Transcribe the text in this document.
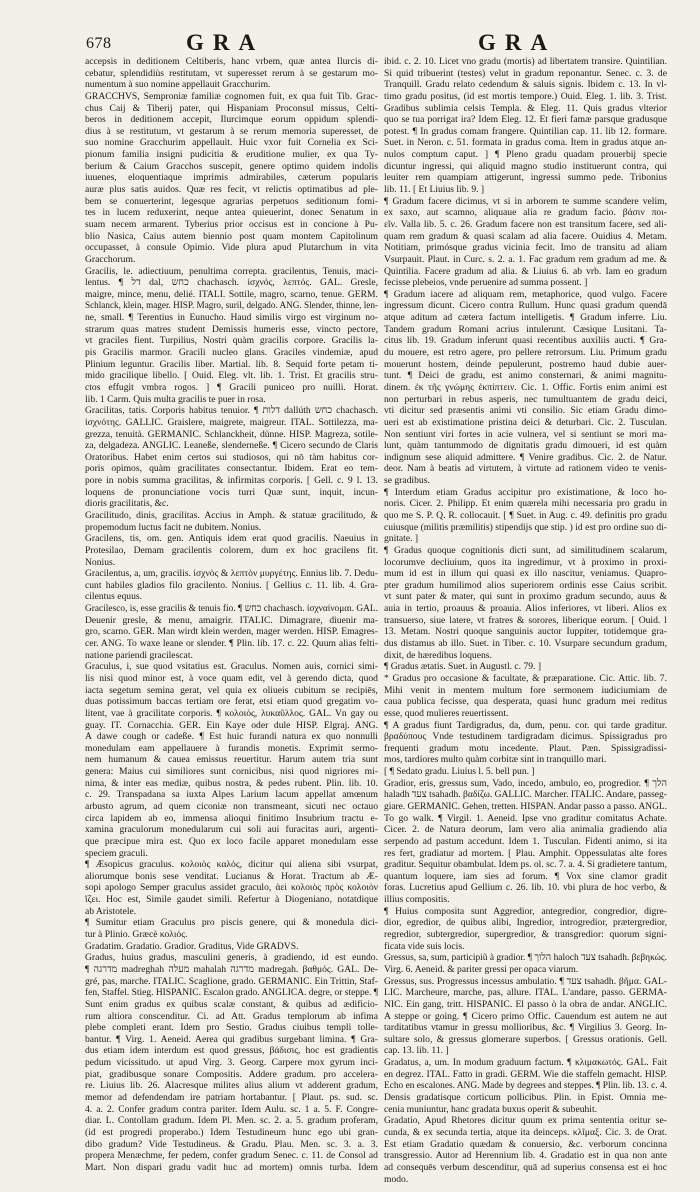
678	GRA	GRA
accepsis in deditionem Celtiberis, hanc vrbem, quæ antea Ilurcis di-
cebatur, splendidiùs restitutam, vt superesset rerum à se gestarum mo-
numentum à suo nomine appellauit Gracchurim.
GRACCHVS, Semproniæ familiæ cognomen fuit, ex qua fuit Tib. Grac-
chus Caij & Tiberij pater, qui Hispaniam Proconsul missus, Celti-
beros in deditionem accepit, Ilurcimque eorum oppidum splendi-
dius à se restitutum, vt gestarum à se rerum memoria superesset, de
suo nomine Gracchurim appellauit. Huic vxor fuit Cornelia ex Sci-
pionum familia insigni pudicitia & eruditione mulier, ex qua Ty-
berium & Caium Gracchos suscepit, genere optimo quidem indolis
iuuenes, eloquentiaque imprimis admirabiles, cæterum popularis
auræ plus satis auidos. Quæ res fecit, vt relictis optimatibus ad ple-
bem se conuerterint, legesque agrarias perpetuos seditionum fomi-
tes in lucem reduxerint, neque antea quieuerint, donec Senatum in
suam necem armarent. Tyberius prior occisus est in concione à Pu-
blio Nasica, Caius autem biennio post quam montem Capitolinum
occupasset, à consule Opimio. Vide plura apud Plutarchum in vita
Gracchorum.
Gracilis, le. adiectiuum, penultima correpta. gracilentus, Tenuis, maci-
lentus. ¶ דל dal, כחש chachasch. ἰσχνός, λεπτός. GAL. Gresle,
maigre, mince, menu, delié. ITALI. Sottile, magro, scarno, tenue. GERM.
Schlanck, klein, mager. HISP. Magro, suril, delgado. ANG. Slender, thinne, len-
ne, small. ¶ Terentius in Eunucho. Haud similis virgo est virginum no-
strarum quas matres student Demissis humeris esse, vincto pectore,
vt graciles fient. Turpilius, Nostri quàm gracilis corpore. Gracilis la-
pis Gracilis marmor. Gracili nucleo glans. Graciles vindemiæ, apud
Plinium leguntur. Gracilis liber. Martial. lib. 8. Sequid forte petam ti-
mido gracilique libello. [ Ouid. Eleg. vlt. lib. 1. Trist. Et gracilis stru-
ctos effugit vmbra rogos. ] ¶ Gracili puniceo pro nuilli. Horat.
lib. 1 Carm. Quis multa gracilis te puer in rosa.
Gracilitas, tatis. Corporis habitus tenuior. ¶ דלות dallúth כחש chachasch.
ἰσχνότης. GALLIC. Graislere, maigrete, maigreur. ITAL. Sottilezza, ma-
grezza, tenuità. GERMANIC. Schlanckheit, dünne. HISP. Magreza, sotile-
za, delgadeza. ANGLIC. Leaneße, slenderneße. ¶ Cicero secundo de Claris
Oratoribus. Habet enim certos sui studiosos, qui nō tàm habitus cor-
poris opimos, quàm gracilitates consectantur. Ibidem. Erat eo tem-
pore in nobis summa gracilitas, & infirmitas corporis. [ Gell. c. 9 l. 13.
loquens de pronunciatione vocis turri Quæ sunt, inquit, incun-
dioris gracilitatis, &c.
Gracilitudo, dinis, gracilitas. Accius in Amph. & statuæ gracilitudo, &
propemodum luctus facit ne dubitem. Nonius.
Gracilens, tis, om. gen. Antiquis idem erat quod gracilis. Naeuius in
Protesilao, Demam gracilentis colorem, dum ex hoc gracilens fit.
Nonius.
Gracilentus, a, um, gracilis. ἰσχνὸς & λεπτὸν μυργέτης. Ennius lib. 7. Dedu-
cunt habiles gladios filo gracilento. Nonius. [ Gellius c. 11. lib. 4. Gra-
cilentus equus.
Gracilesco, is, esse gracilis & tenuis fio. ¶ כחש chachasch. ἰσχναίνομαι. GAL.
Deuenir gresle, & menu, amaigrir. ITALIC. Dimagrare, diuenir ma-
gro, scarno. GER. Man wirdt klein werden, mager werden. HISP. Emagres-
cer. ANG. To waxe leane or slender. ¶ Plin. lib. 17. c. 22. Quum alias felti-
natione pariendi gracilescat.
Graculus, i, sue quod vsitatius est. Graculus. Nomen auis, cornici simi-
lis nisi quod minor est, à voce quam edit, vel à gerendo dicta, quod
iacta segetum semina gerat, vel quia ex oliueis cubitum se recipiēs,
duas potissimum baccas tertiam ore ferat, etsi etiam quod gregatim vo-
litent, vae à gracilitate corporis. ¶ κολοιός, λυκαῦλλος. GAL. Vn gay ou
guay. IT. Cornacchia. GER. Ein Kaye oder dule HISP. Elgraj. ANG.
A dawe cough or cadeße. ¶ Est huic furandi natura ex quo nonnulli
monedulam eam appellauere à furandis monetis. Exprimit sermo-
nem humanum & cauea emissus reuertitur. Harum autem tria sunt
genera: Maius cui similiores sunt cornicibus, nisi quod nigriores mi-
nima, & inter eas mediæ, quibus nostra, & pedes rubent. Plin. lib. 10.
c. 29. Transpadana sa iuxta Alpes Larium lacum appellat amœnum
arbusto agrum, ad quem ciconiæ non transmeant, sicuti nec octauo
circa lapidem ab eo, immensa alioqui finitimo Insubrium tractu e-
xamina graculorum monedularum cui soli aui furacitas auri, argenti-
que præcipue mira est. Quo ex loco facile apparet monedulam esse
speciem graculi.
¶ Æsopicus graculus. κολοιὸς καλός, dicitur qui aliena sibi vsurpat,
aliorumque bonis sese venditat. Lucianus & Horat. Tractum ab Æ-
sopi apologo Semper graculus assidet graculo, ἀεὶ κολοιὸς πρὸς κολοιὸν
ἵζει. Hoc est, Simile gaudet simili. Refertur à Diogeniano, notatdique
ab Aristotele.
¶ Sumitur etiam Graculus pro piscis genere, qui & monedula dici-
tur à Plinio. Græcè κολιός.
Gradatim. Gradatio. Gradior. Graditus, Vide GRADVS.
Gradus, huius gradus, masculini generis, à gradiendo, id est eundo.
¶ מדרגה madreghah מעלה mahalah מדרגה madregah. βαθμός. GAL. De-
gré, pas, marche. ITALIC. Scaglione, grado. GERMANIC. Ein Trittin, Staf-
fen, Staffel. Stieg. HISPANIC. Escalon grado. ANGLICA. degre, or steppe. ¶
Sunt enim gradus ex quibus scalæ constant, & quibus ad ædificio-
rum altiora conscenditur. Ci. ad Att. Gradus templorum ab infima
plebe completi erant. Idem pro Sestio. Gradus ciuibus templi tolle-
bantur. ¶ Virg. 1. Aeneid. Aerea qui gradibus surgebant limina. ¶ Gra-
dus etiam idem interdum est quod gressus, βάδισις, hoc est gradientis
pedum vicissitudo. ut apud Virg. 3. Georg. Carpere mox gyrum inci-
piat, gradibusque sonare Compositis. Addere gradum. pro accelera-
re. Liuius lib. 26. Alacresque milites alius alium vt adderent gradum,
memor ad defendendam ire patriam hortabantur. [ Plaut. ps. sud. sc.
4. a. 2. Confer gradum contra pariter. Idem Aulu. sc. 1 a. 5. F. Congre-
diar. L. Contollam gradum. Idem Pl. Men. sc. 2. a. 5. gradum proferam,
(id est progredi properabo.) Idem Testudineum hunc ego ubi gran-
dibo gradum? Vide Testudineus. & Gradu. Plau. Men. sc. 3. a. 3.
propera Menæchme, fer pedem, confer gradum Senec. c. 11. de Consol ad
Mart. Non dispari gradu vadit huc ad mortem) omnis turba. Idem
ibid. c. 2. 10. Licet vno gradu (mortis) ad libertatem transire. Quintilian.
Si quid tribuerint (testes) velut in gradum reponantur. Senec. c. 3. de
Tranquill. Gradu relato cedendum & saluis signis. Ibidem c. 13. In vl-
timo gradu positus, (id est mortis tempore.) Ouid. Eleg. 1. lib. 3. Trist.
Gradibus sublimia celsis Templa. & Eleg. 11. Quis gradus vlterior
quo se tua porrigat ira? Idem Eleg. 12. Et fieri famæ parsque gradusque
potest. ¶ In gradus comam frangere. Quintilian cap. 11. lib 12. formare.
Suet. in Neron. c. 51. formata in gradus coma. Item in gradus atque an-
nulos comptum caput. ] ¶ Pleno gradu quadam prouerbij specie
dicuntur ingressi, qui aliquid magno studio instituerunt contra, qui
leuiter rem quampiam attigerunt, ingressi summo pede. Tribonius
lib. 11. [ Et Liuius lib. 9. ]
¶ Gradum facere dicimus, vt si in arborem te summe scandere velim,
ex saxo, aut scamno, aliquaue alia re gradum facio. βάσιν ποι-
εῖν. Valla lib. 5. c. 26. Gradum facere non est transitum facere, sed ali-
quam rem gradum & quasi scalam ad alia facere. Ouidius 4. Metam.
Notitiam, primósque gradus vicinia fecit. Imo de transitu ad aliam
Vsurpauit. Plaut. in Curc. s. 2. a. 1. Fac gradum rem gradum ad me. &
Quintilia. Facere gradum ad alia. & Liuius 6. ab vrb. Iam eo gradum
fecisse plebeios, vnde peruenire ad summa possent. ]
¶ Gradum iacere ad aliquam rem, metaphorice, quod vulgo. Facere
ingressum dicunt. Cicero contra Rullum. Hunc quasi gradum quendā
atque aditum ad cætera factum intelligetis. ¶ Gradum inferre. Liu.
Tandem gradum Romani acrius intulerunt. Cæsique Lusitani. Ta-
citus lib. 19. Gradum inferunt quasi recentibus auxiliis aucti. ¶ Gra-
du mouere, est retro agere, pro pellere retrorsum. Liu. Primum gradu
mouerunt hostem, deinde pepulerunt, postremo haud dubie auer-
tunt. ¶ Deici de gradu, est animo consternari, & animi magnitu-
dinem. ἐκ τῆς γνώμης ἐκπίπτειν. Cic. 1. Offic. Fortis enim animi est
non perturbari in rebus asperis, nec tumultuantem de gradu deici,
vti dicitur sed præsentis animi vti consilio. Sic etiam Gradu dimo-
ueri est ab existimatione pristina deici & deturbari. Cic. 2. Tusculan.
Non sentiunt viri fortes in acie vulnera, vel si sentiunt se mori ma-
lunt, quàm tantummodo de dignitatis gradu dimoueri, id est quàm
indignum sese aliquid admittere. ¶ Venire gradibus. Cic. 2. de Natur.
deor. Nam à beatis ad virtutem, à virtute ad rationem video te venis-
se gradibus.
¶ Interdum etiam Gradus accipitur pro existimatione, & loco ho-
noris. Cicer. 2. Philipp. Et enim quærela mihi necessaria pro gradu in
quo me S. P. Q. R. collocauit. [ ¶ Suet. in Aug. c. 49. definitis pro gradu
cuiusque (militis præmilitis) stipendijs que stip. ) id est pro ordine suo di-
gnitate. ]
¶ Gradus quoque cognitionis dicti sunt, ad similitudinem scalarum,
locorumve decliuium, quos ita ingredimur, vt à proximo in proxi-
mum id est in illum qui quasi ex illo nascitur, veniamus. Quapro-
pter gradum humilimod alios superiorem ordinis esse Caius scribit.
vt sunt pater & mater, qui sunt in proximo gradum secundo, auus &
auia in tertio, proauus & proauia. Alios inferiores, vt liberi. Alios ex
transuerso, siue latere, vt fratres & sorores, liberique eorum. [ Ouid. l
13. Metam. Nostri quoque sanguinis auctor Iuppiter, totidemque gra-
dus distamus ab illo. Suet. in Tiber. c. 10. Vsurpare secundum gradum,
dixit, de hæredibus loquens.
¶ Gradus ætatis. Suet. in Augustl. c. 79. ]
* Gradus pro occasione & facultate, & præparatione. Cic. Attic. lib. 7.
Mihi venit in mentem multum fore sermonem iudiciumiam de
caua publica fecisse, qua desperata, quasi hunc gradum mei reditus
esse, quod mulieres reuertissent.
¶ A gradus fiunt Tardigradus, da, dum, penu. cor. qui tarde graditur.
βραδύπους Vnde testudinem tardigradam dicimus. Spissigradus pro
frequenti gradum motu incedente. Plaut. Pæn. Spissigradissi-
mos, tardiores multo quàm corbitæ sint in tranquillo mari.
[ ¶ Sedato gradu. Liuius l. 5. bell pun. ]
Gradior, eris, gressus sum, Vado, incedo, ambulo, eo, progredior. ¶ הלך
haladh צעד tsahadh. βαδίζω. GALLIC. Marcher. ITALIC. Andare, passeg-
giare. GERMANIC. Gehen, tretten. HISPAN. Andar passo a passo. ANGL.
To go walk. ¶ Virgil. 1. Aeneid. Ipse vno graditur comitatus Achate.
Cicer. 2. de Natura deorum, Iam vero alia animalia gradiendo alia
serpendo ad pastum accedunt. Idem 1. Tusculan. Fidenti animo, si ita
res fert, gradiatur ad mortem. [ Plau. Amphit. Oppessulatas alte fores
graditur. Sequitur obambulat. Idem ps. ol. sc. 7. a. 4. Si gradietere tantum,
quantum loquere, iam sies ad forum. ¶ Vox sine clamor gradit
foras. Lucretius apud Gellium c. 26. lib. 10. vbi plura de hoc verbo, &
illius compositis.
¶ Huius composita sunt Aggredior, antegredior, congredior, digre-
dior, egredior, de quibus alibi, Ingredior, introgredior, prætergredior,
regredior, subtergredior, supergredior, & transgredior: quorum signi-
ficata vide suis locis.
Gressus, sa, sum, participiũ à gradior. ¶ הלוך haloch צעד tsahadh. βεβηκώς.
Virg. 6. Aeneid. & pariter gressi per opaca viarum.
Gressus, sus. Progressus incessus ambulatio. ¶ צעד tsahadh. βῆμα. GAL-
LIC. Marcheure, marche, pas, allure. ITAL. L'andare, passo. GERMA-
NIC. Ein gang, tritt. HISPANIC. El passo ò la obra de andar. ANGLIC.
A steppe or going. ¶ Cicero primo Offic. Cauendum est autem ne aut
tarditatibus vtamur in gressu mollioribus, &c. ¶ Virgilius 3. Georg. In-
sultare solo, & gressus glomerare superbos. [ Gressus orationis. Gell.
cap. 13. lib. 11. ]
Gradatus, a, um. In modum graduum factum. ¶ κλιμακωτός. GAL. Fait
en degrez. ITAL. Fatto in gradi. GERM. Wie die staffeln gemacht. HISP.
Echo en escalones. ANG. Made by degrees and steppes. ¶ Plin. lib. 13. c. 4.
Densis gradatisque corticum pollicibus. Plin. in Epist. Omnia me-
cenia muniuntur, hanc gradata buxus operit & subeuhit.
Gradatio, Apud Rhetores dicitur quum ex prima sententia oritur se-
cunda, & ex secunda tertia, atque ita deinceps. κλῖμαξ. Cic. 3. de Orat.
Est etiam Gradatio quædam & conuersio, &c. verborum concinna
transgressio. Autor ad Herennium lib. 4. Gradatio est in qua non ante
ad consequēs verbum descenditur, quā ad superius consensa est ei hoc
modo.
